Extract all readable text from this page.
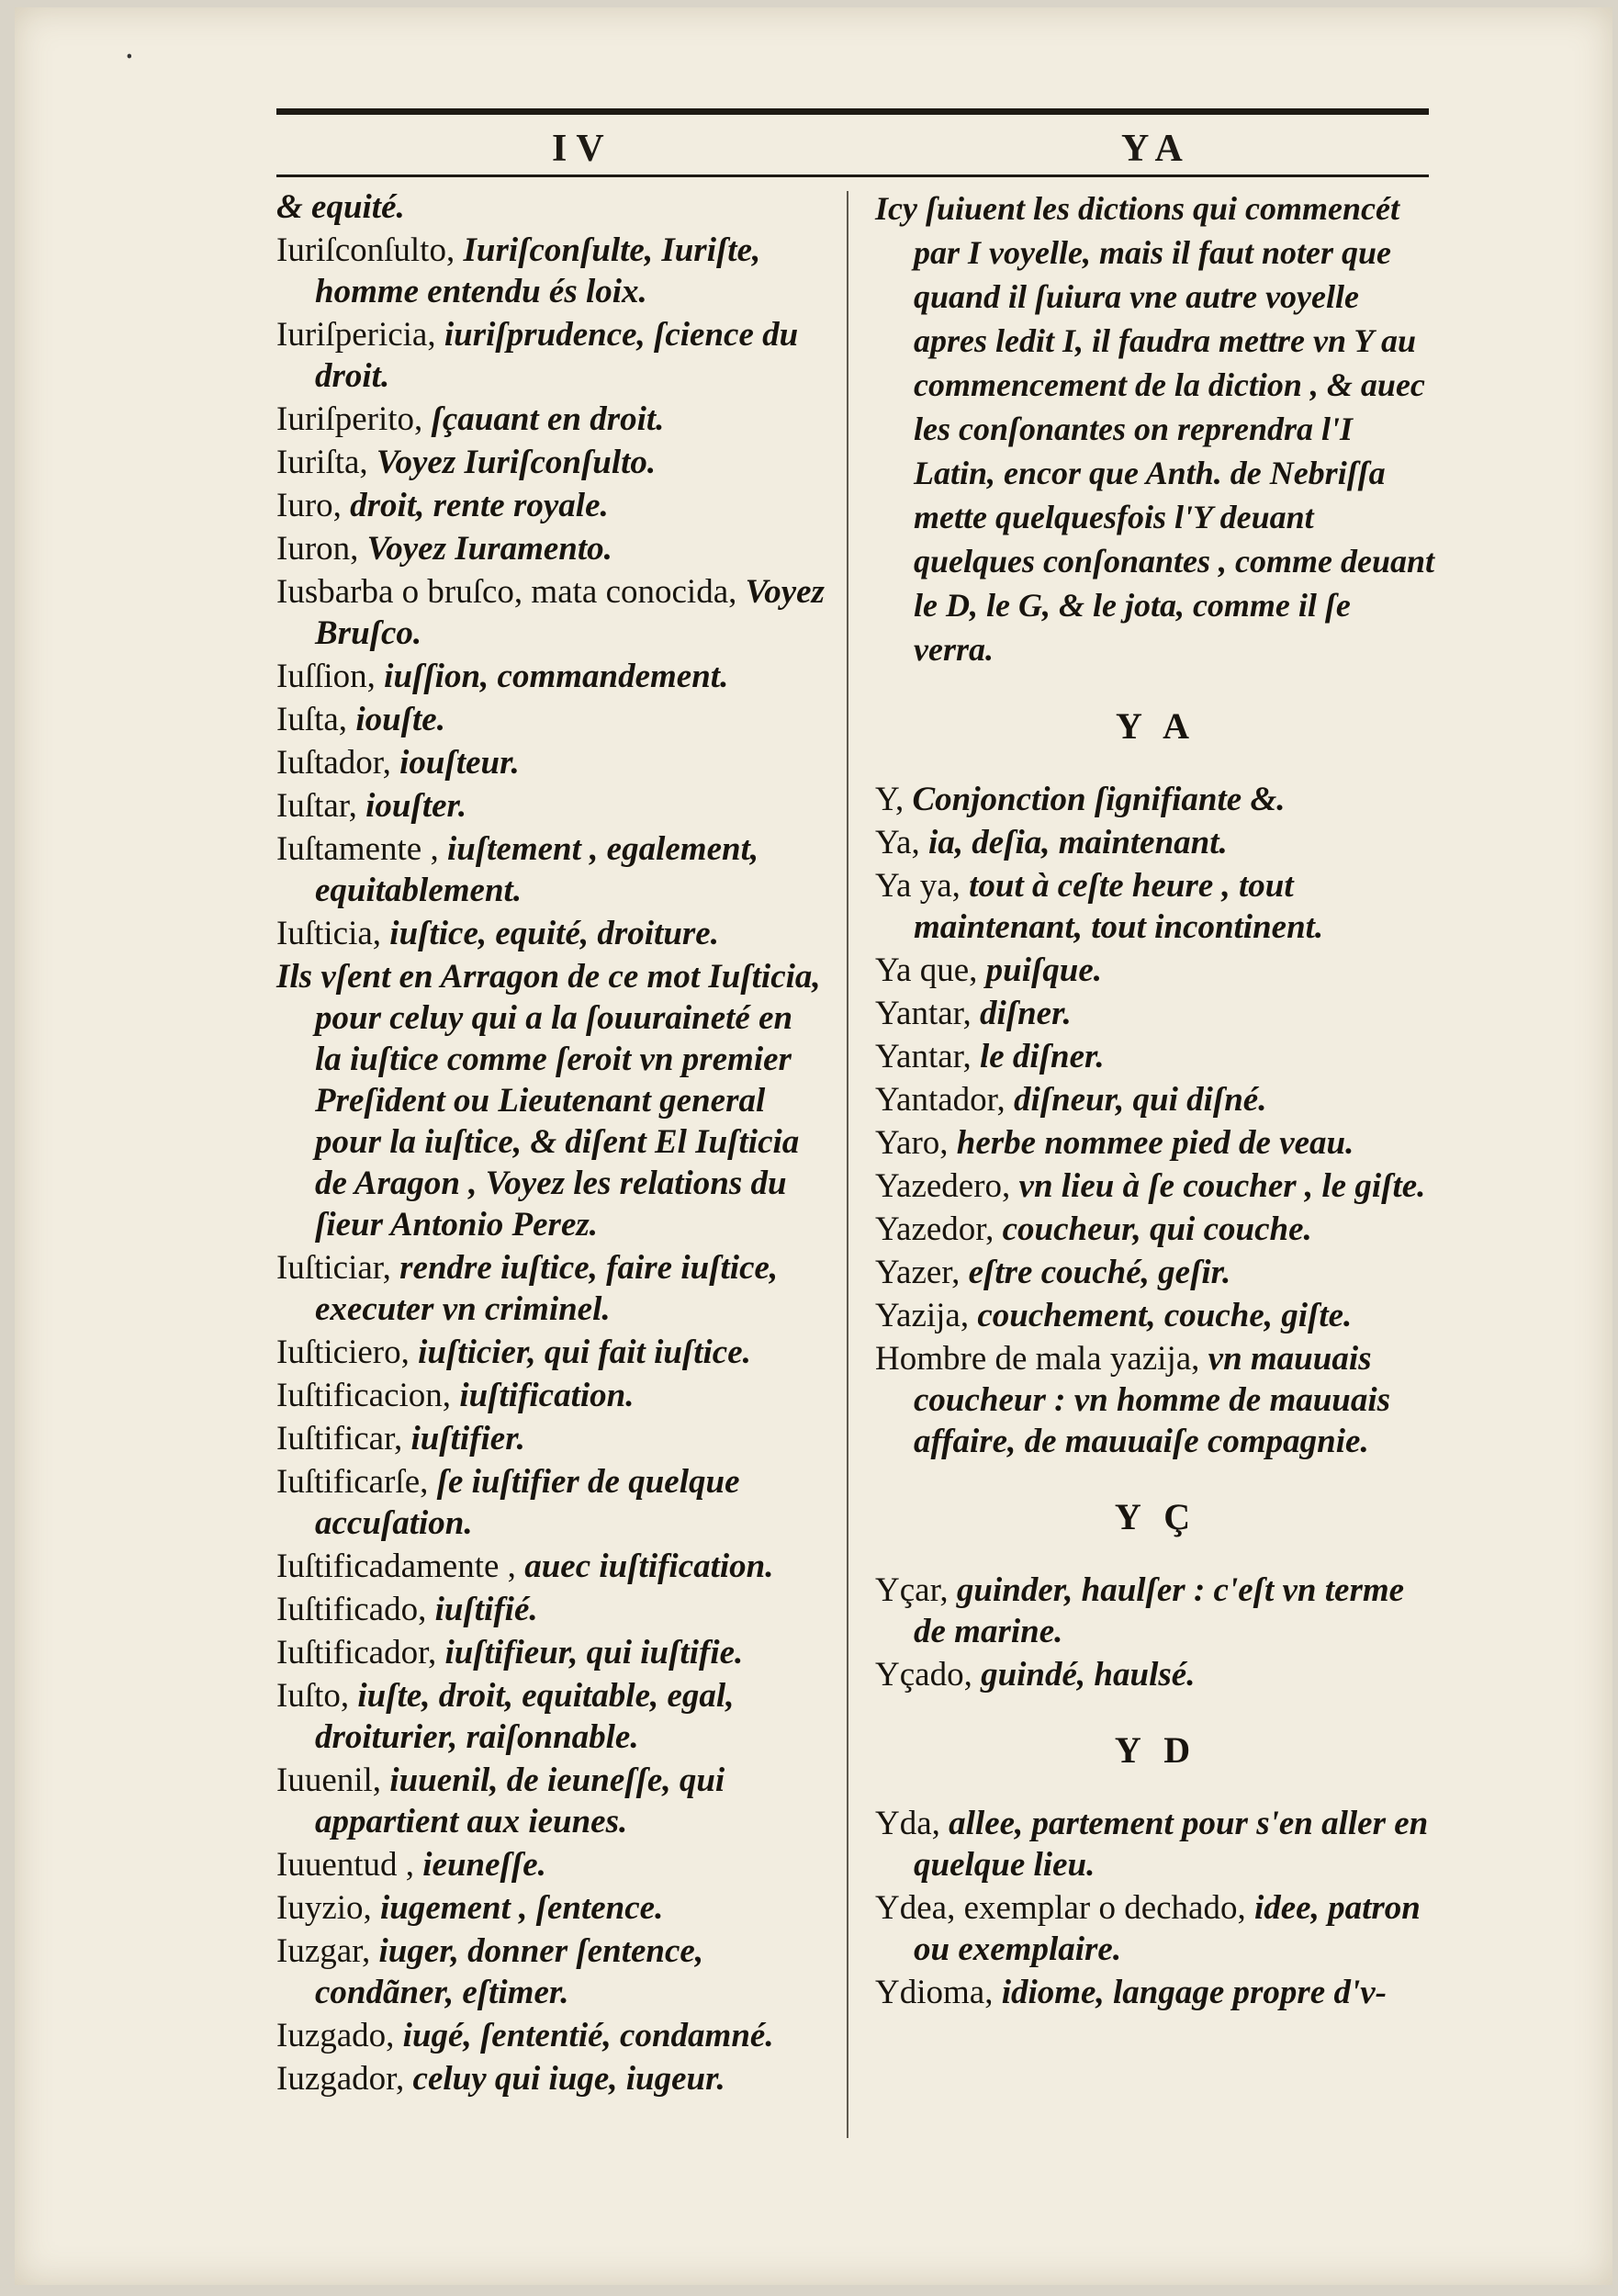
⸱
IV	YA
& equité.
Iuriſconſulto, Iuriſconſulte, Iuriſte, homme entendu és loix.
Iuriſpericia, iuriſprudence, ſcience du droit.
Iuriſperito, ſçauant en droit.
Iuriſta, Voyez Iuriſconſulto.
Iuro, droit, rente royale.
Iuron, Voyez Iuramento.
Iusbarba o bruſco, mata conocida, Voyez Bruſco.
Iuſſion, iuſſion, commandement.
Iuſta, iouſte.
Iuſtador, iouſteur.
Iuſtar, iouſter.
Iuſtamente , iuſtement , egalement, equitablement.
Iuſticia, iuſtice, equité, droiture.
Ils vſent en Arragon de ce mot Iuſticia, pour celuy qui a la ſouuraineté en la iuſtice comme ſeroit vn premier Preſident ou Lieutenant general pour la iuſtice, & diſent El Iuſticia de Aragon , Voyez les relations du ſieur Antonio Perez.
Iuſticiar, rendre iuſtice, faire iuſtice, executer vn criminel.
Iuſticiero, iuſticier, qui fait iuſtice.
Iuſtificacion, iuſtification.
Iuſtificar, iuſtifier.
Iuſtificarſe, ſe iuſtifier de quelque accuſation.
Iuſtificadamente , auec iuſtification.
Iuſtificado, iuſtifié.
Iuſtificador, iuſtifieur, qui iuſtifie.
Iuſto, iuſte, droit, equitable, egal, droiturier, raiſonnable.
Iuuenil, iuuenil, de ieuneſſe, qui appartient aux ieunes.
Iuuentud , ieuneſſe.
Iuyzio, iugement , ſentence.
Iuzgar, iuger, donner ſentence, condãner, eſtimer.
Iuzgado, iugé, ſententié, condamné.
Iuzgador, celuy qui iuge, iugeur.
Icy ſuiuent les dictions qui commencét par I voyelle, mais il faut noter que quand il ſuiura vne autre voyelle apres ledit I, il faudra mettre vn Y au commencement de la diction , & auec les conſonantes on reprendra l'I Latin, encor que Anth. de Nebriſſa mette quelquesfois l'Y deuant quelques conſonantes , comme deuant le D, le G, & le jota, comme il ſe verra.
Y A
Y, Conjonction ſignifiante &.
Ya, ia, deſia, maintenant.
Ya ya, tout à ceſte heure , tout maintenant, tout incontinent.
Ya que, puiſque.
Yantar, diſner.
Yantar, le diſner.
Yantador, diſneur, qui diſné.
Yaro, herbe nommee pied de veau.
Yazedero, vn lieu à ſe coucher , le giſte.
Yazedor, coucheur, qui couche.
Yazer, eſtre couché, geſir.
Yazija, couchement, couche, giſte.
Hombre de mala yazija, vn mauuais coucheur : vn homme de mauuais affaire, de mauuaiſe compagnie.
Y Ç
Yçar, guinder, haulſer : c'eſt vn terme de marine.
Yçado, guindé, haulsé.
Y D
Yda, allee, partement pour s'en aller en quelque lieu.
Ydea, exemplar o dechado, idee, patron ou exemplaire.
Ydioma, idiome, langage propre d'v-
